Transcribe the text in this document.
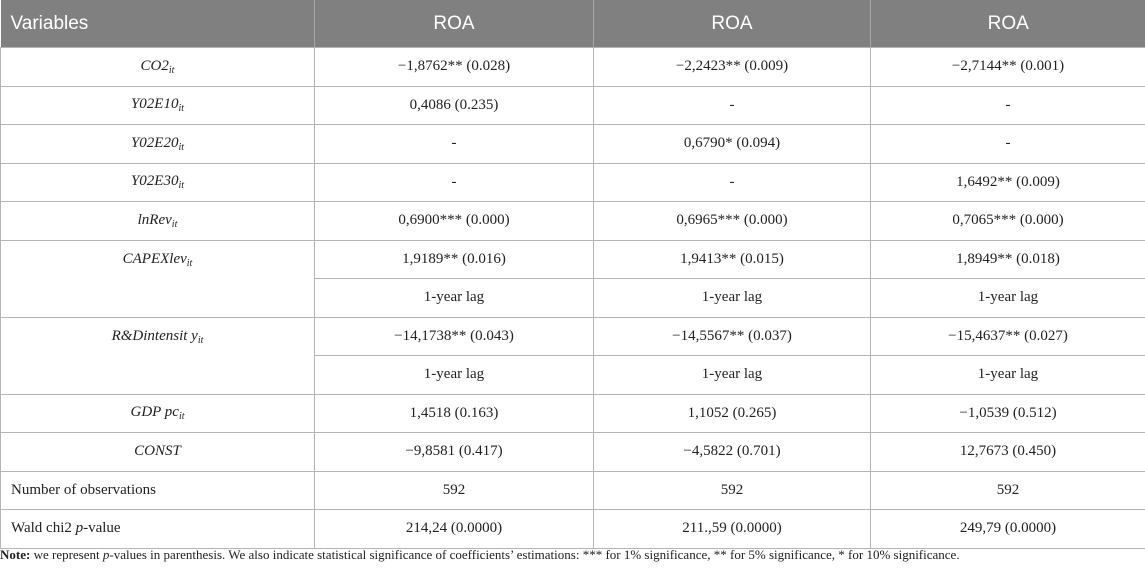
Variables	ROA	ROA	ROA
$CO2_{it}$	−1,8762** (0.028)	−2,2423** (0.009)	−2,7144** (0.001)
$Y02E10_{it}$	0,4086 (0.235)	-	-
$Y02E20_{it}$	-	0,6790* (0.094)	-
$Y02E30_{it}$	-	-	1,6492** (0.009)
lnRev$_{it}$	0,6900*** (0.000)	0,6965*** (0.000)	0,7065*** (0.000)
CAPEXlev$_{it}$	1,9189** (0.016)	1,9413** (0.015)	1,8949** (0.018)
	1-year lag	1-year lag	1-year lag
R&Dintensit $y_{it}$	−14,1738** (0.043)	−14,5567** (0.037)	−15,4637** (0.027)
	1-year lag	1-year lag	1-year lag
GDP $pc_{it}$	1,4518 (0.163)	1,1052 (0.265)	−1,0539 (0.512)
CONST	−9,8581 (0.417)	−4,5822 (0.701)	12,7673 (0.450)
Number of observations	592	592	592
Wald chi2 p-value	214,24 (0.0000)	211.,59 (0.0000)	249,79 (0.0000)
Note: we represent p-values in parenthesis. We also indicate statistical significance of coefficients’ estimations: *** for 1% significance, ** for 5% significance, * for 10% significance.
